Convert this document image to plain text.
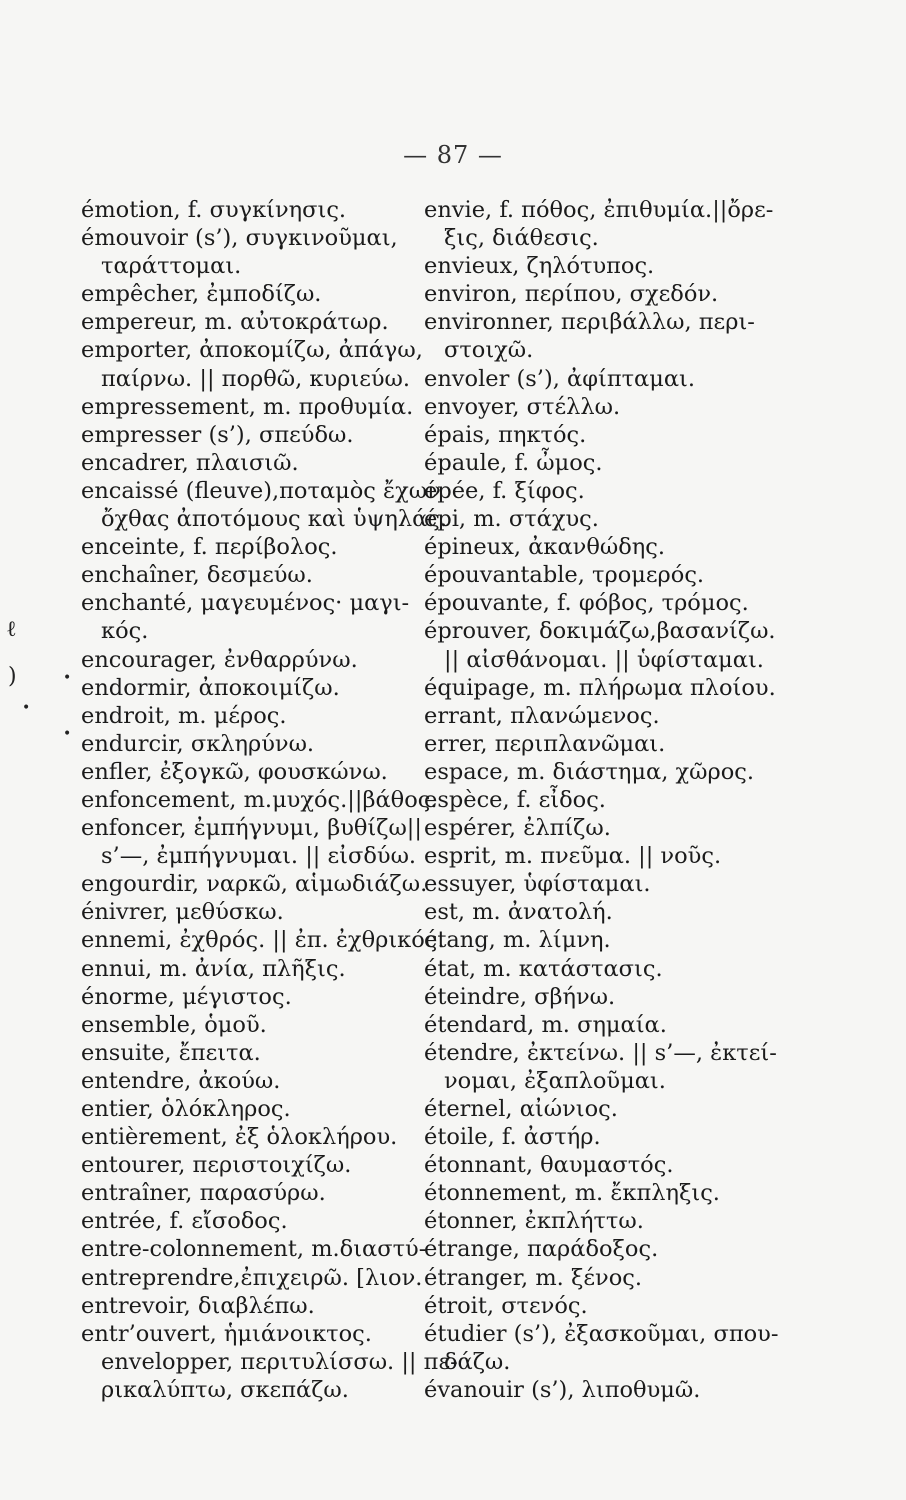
— 87 —
ℓ
)
•
•
•
émotion, f. συγκίνησις.
émouvoir (s’), συγκινοῦμαι,
ταράττομαι.
empêcher, ἐμποδίζω.
empereur, m. αὐτοκράτωρ.
emporter, ἀποκομίζω, ἀπάγω,
παίρνω. || πορθῶ, κυριεύω.
empressement, m. προθυμία.
empresser (s’), σπεύδω.
encadrer, πλαισιῶ.
encaissé (fleuve),ποταμὸς ἔχων
ὄχθας ἀποτόμους καὶ ὑψηλάς.
enceinte, f. περίβολος.
enchaîner, δεσμεύω.
enchanté, μαγευμένος· μαγι-
κός.
encourager, ἐνθαρρύνω.
endormir, ἀποκοιμίζω.
endroit, m. μέρος.
endurcir, σκληρύνω.
enfler, ἐξογκῶ, φουσκώνω.
enfoncement, m.μυχός.||βάθος.
enfoncer, ἐμπήγνυμι, βυθίζω||
s’—, ἐμπήγνυμαι. || εἰσδύω.
engourdir, ναρκῶ, αἱμωδιάζω.
énivrer, μεθύσκω.
ennemi, ἐχθρός. || ἐπ. ἐχθρικός.
ennui, m. ἀνία, πλῆξις.
énorme, μέγιστος.
ensemble, ὁμοῦ.
ensuite, ἔπειτα.
entendre, ἀκούω.
entier, ὁλόκληρος.
entièrement, ἐξ ὁλοκλήρου.
entourer, περιστοιχίζω.
entraîner, παρασύρω.
entrée, f. εἴσοδος.
entre-colonnement, m.διαστύ-
entreprendre,ἐπιχειρῶ. [λιον.
entrevoir, διαβλέπω.
entr’ouvert, ἡμιάνοικτος.
envelopper, περιτυλίσσω. || πε-
ρικαλύπτω, σκεπάζω.
envie, f. πόθος, ἐπιθυμία.||ὄρε-
ξις, διάθεσις.
envieux, ζηλότυπος.
environ, περίπου, σχεδόν.
environner, περιβάλλω, περι-
στοιχῶ.
envoler (s’), ἀφίπταμαι.
envoyer, στέλλω.
épais, πηκτός.
épaule, f. ὦμος.
épée, f. ξίφος.
épi, m. στάχυς.
épineux, ἀκανθώδης.
épouvantable, τρομερός.
épouvante, f. φόβος, τρόμος.
éprouver, δοκιμάζω,βασανίζω.
|| αἰσθάνομαι. || ὑφίσταμαι.
équipage, m. πλήρωμα πλοίου.
errant, πλανώμενος.
errer, περιπλανῶμαι.
espace, m. διάστημα, χῶρος.
espèce, f. εἶδος.
espérer, ἐλπίζω.
esprit, m. πνεῦμα. || νοῦς.
essuyer, ὑφίσταμαι.
est, m. ἀνατολή.
étang, m. λίμνη.
état, m. κατάστασις.
éteindre, σβήνω.
étendard, m. σημαία.
étendre, ἐκτείνω. || s’—, ἐκτεί-
νομαι, ἐξαπλοῦμαι.
éternel, αἰώνιος.
étoile, f. ἀστήρ.
étonnant, θαυμαστός.
étonnement, m. ἔκπληξις.
étonner, ἐκπλήττω.
étrange, παράδοξος.
étranger, m. ξένος.
étroit, στενός.
étudier (s’), ἐξασκοῦμαι, σπου-
δάζω.
évanouir (s’), λιποθυμῶ.
